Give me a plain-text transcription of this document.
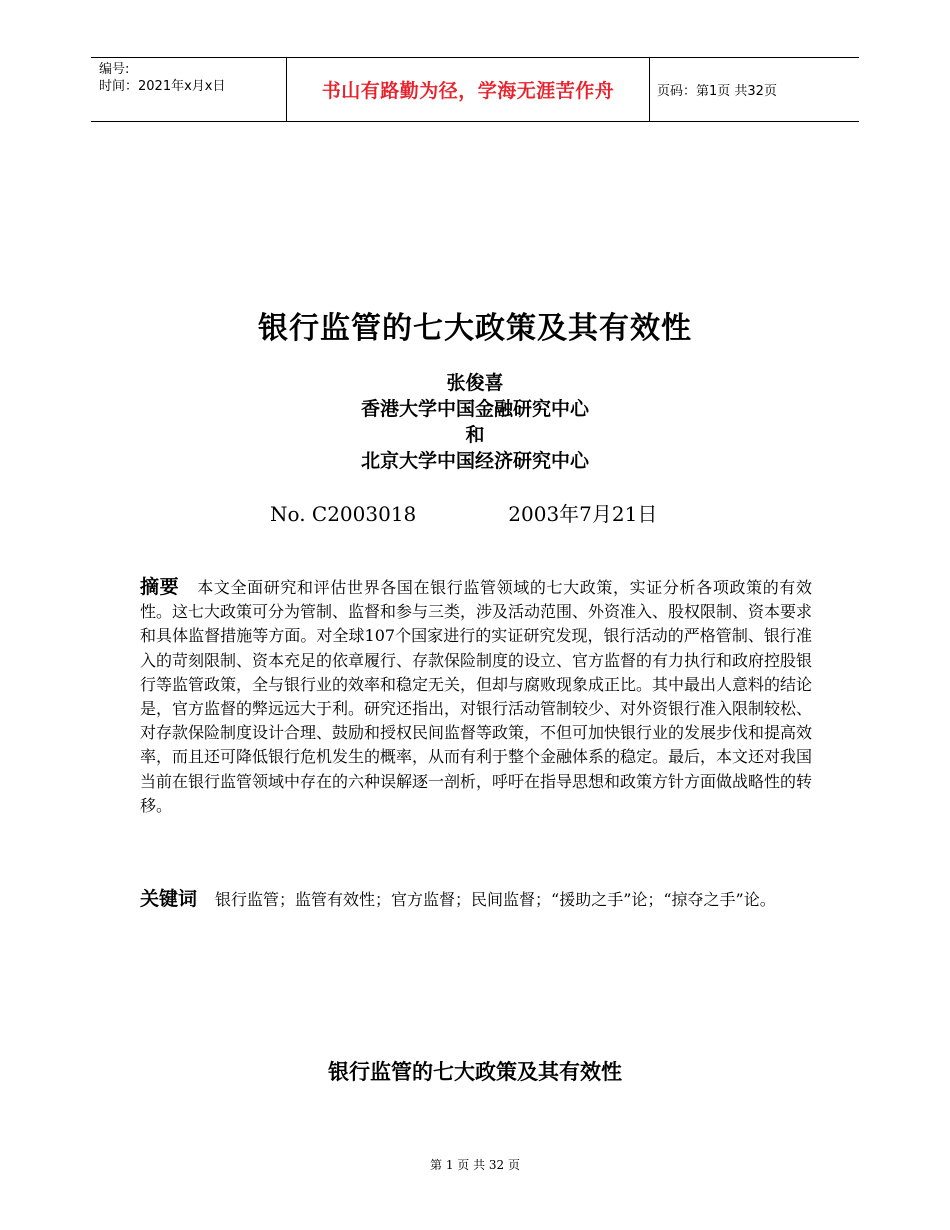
编号:
时间：2021年x月x日	书山有路勤为径，学海无涯苦作舟	页码：第1页 共32页
银行监管的七大政策及其有效性
张俊喜
香港大学中国金融研究中心
和
北京大学中国经济研究中心
No. C2003018	2003年7月21日
摘要 本文全面研究和评估世界各国在银行监管领域的七大政策，实证分析各项政策的有效性。这七大政策可分为管制、监督和参与三类，涉及活动范围、外资准入、股权限制、资本要求和具体监督措施等方面。对全球107个国家进行的实证研究发现，银行活动的严格管制、银行准入的苛刻限制、资本充足的依章履行、存款保险制度的设立、官方监督的有力执行和政府控股银行等监管政策，全与银行业的效率和稳定无关，但却与腐败现象成正比。其中最出人意料的结论是，官方监督的弊远远大于利。研究还指出，对银行活动管制较少、对外资银行准入限制较松、对存款保险制度设计合理、鼓励和授权民间监督等政策，不但可加快银行业的发展步伐和提高效率，而且还可降低银行危机发生的概率，从而有利于整个金融体系的稳定。最后，本文还对我国当前在银行监管领域中存在的六种误解逐一剖析，呼吁在指导思想和政策方针方面做战略性的转移。
关键词 银行监管；监管有效性；官方监督；民间监督；“援助之手”论；“掠夺之手”论。
银行监管的七大政策及其有效性
第 1 页 共 32 页
